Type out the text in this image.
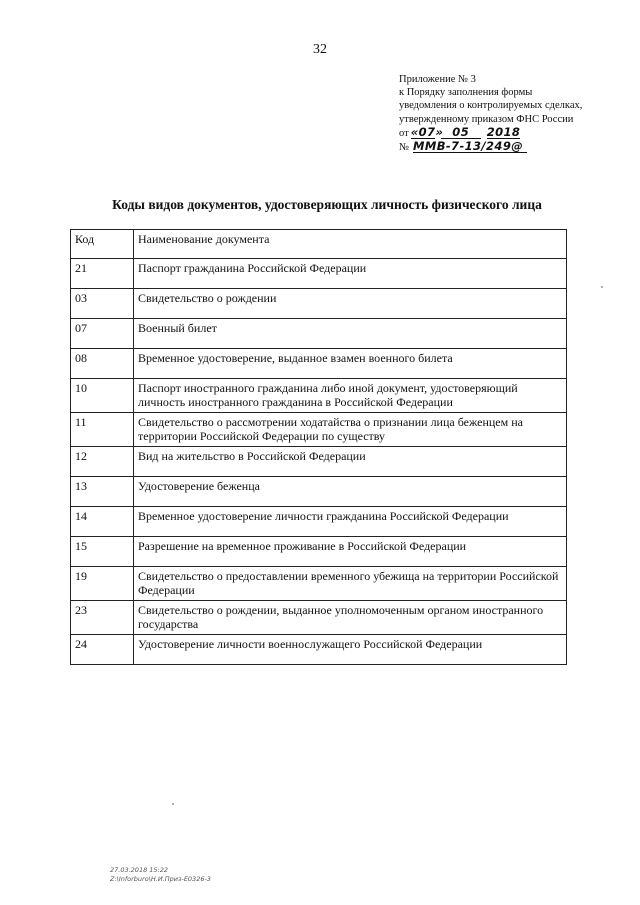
32
Приложение № 3
к Порядку заполнения формы
уведомления о контролируемых сделках,
утвержденному приказом ФНС России
от «07» 05 2018
№ ММВ-7-13/249@
Коды видов документов, удостоверяющих личность физического лица
Код	Наименование документа
21	Паспорт гражданина Российской Федерации
03	Свидетельство о рождении
07	Военный билет
08	Временное удостоверение, выданное взамен военного билета
10	Паспорт иностранного гражданина либо иной документ, удостоверяющий личность иностранного гражданина в Российской Федерации
11	Свидетельство о рассмотрении ходатайства о признании лица беженцем на территории Российской Федерации по существу
12	Вид на жительство в Российской Федерации
13	Удостоверение беженца
14	Временное удостоверение личности гражданина Российской Федерации
15	Разрешение на временное проживание в Российской Федерации
19	Свидетельство о предоставлении временного убежища на территории Российской Федерации
23	Свидетельство о рождении, выданное уполномоченным органом иностранного государства
24	Удостоверение личности военнослужащего Российской Федерации
27.03.2018 15:22
Z:\Inforburo\Н.И.Приз-Е0326-3
